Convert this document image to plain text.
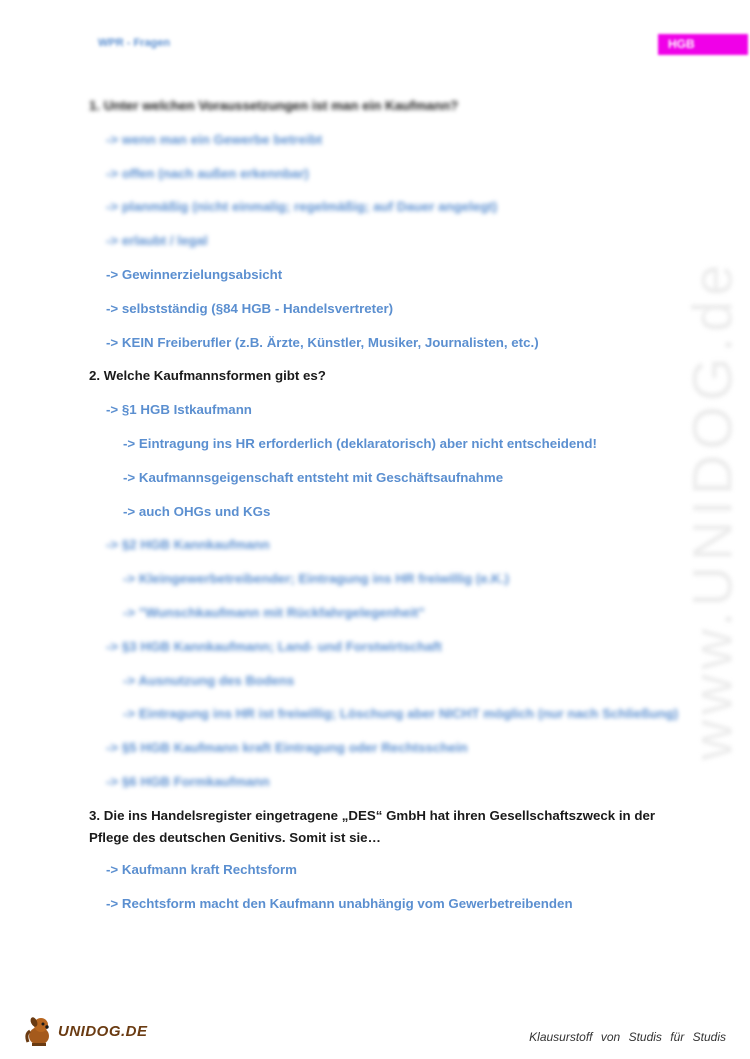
WPR - Fragen	HGB
www.UNIDOG.de
1. Unter welchen Voraussetzungen ist man ein Kaufmann?
-> wenn man ein Gewerbe betreibt
-> offen (nach außen erkennbar)
-> planmäßig (nicht einmalig; regelmäßig; auf Dauer angelegt)
-> erlaubt / legal
-> Gewinnerzielungsabsicht
-> selbstständig (§84 HGB - Handelsvertreter)
-> KEIN Freiberufler (z.B. Ärzte, Künstler, Musiker, Journalisten, etc.)
2. Welche Kaufmannsformen gibt es?
-> §1 HGB Istkaufmann
-> Eintragung ins HR erforderlich (deklaratorisch) aber nicht entscheidend!
-> Kaufmannsgeigenschaft entsteht mit Geschäftsaufnahme
-> auch OHGs und KGs
-> §2 HGB Kannkaufmann
-> Kleingewerbetreibender; Eintragung ins HR freiwillig (e.K.)
-> "Wunschkaufmann mit Rückfahrgelegenheit"
-> §3 HGB Kannkaufmann; Land- und Forstwirtschaft
-> Ausnutzung des Bodens
-> Eintragung ins HR ist freiwillig; Löschung aber NICHT möglich (nur nach Schließung)
-> §5 HGB Kaufmann kraft Eintragung oder Rechtsschein
-> §6 HGB Formkaufmann
3. Die ins Handelsregister eingetragene „DES“ GmbH hat ihren Gesellschaftszweck in der
Pflege des deutschen Genitivs. Somit ist sie…
-> Kaufmann kraft Rechtsform
-> Rechtsform macht den Kaufmann unabhängig vom Gewerbetreibenden
UNIDOG.DE	Klausurstoff von Studis für Studis
